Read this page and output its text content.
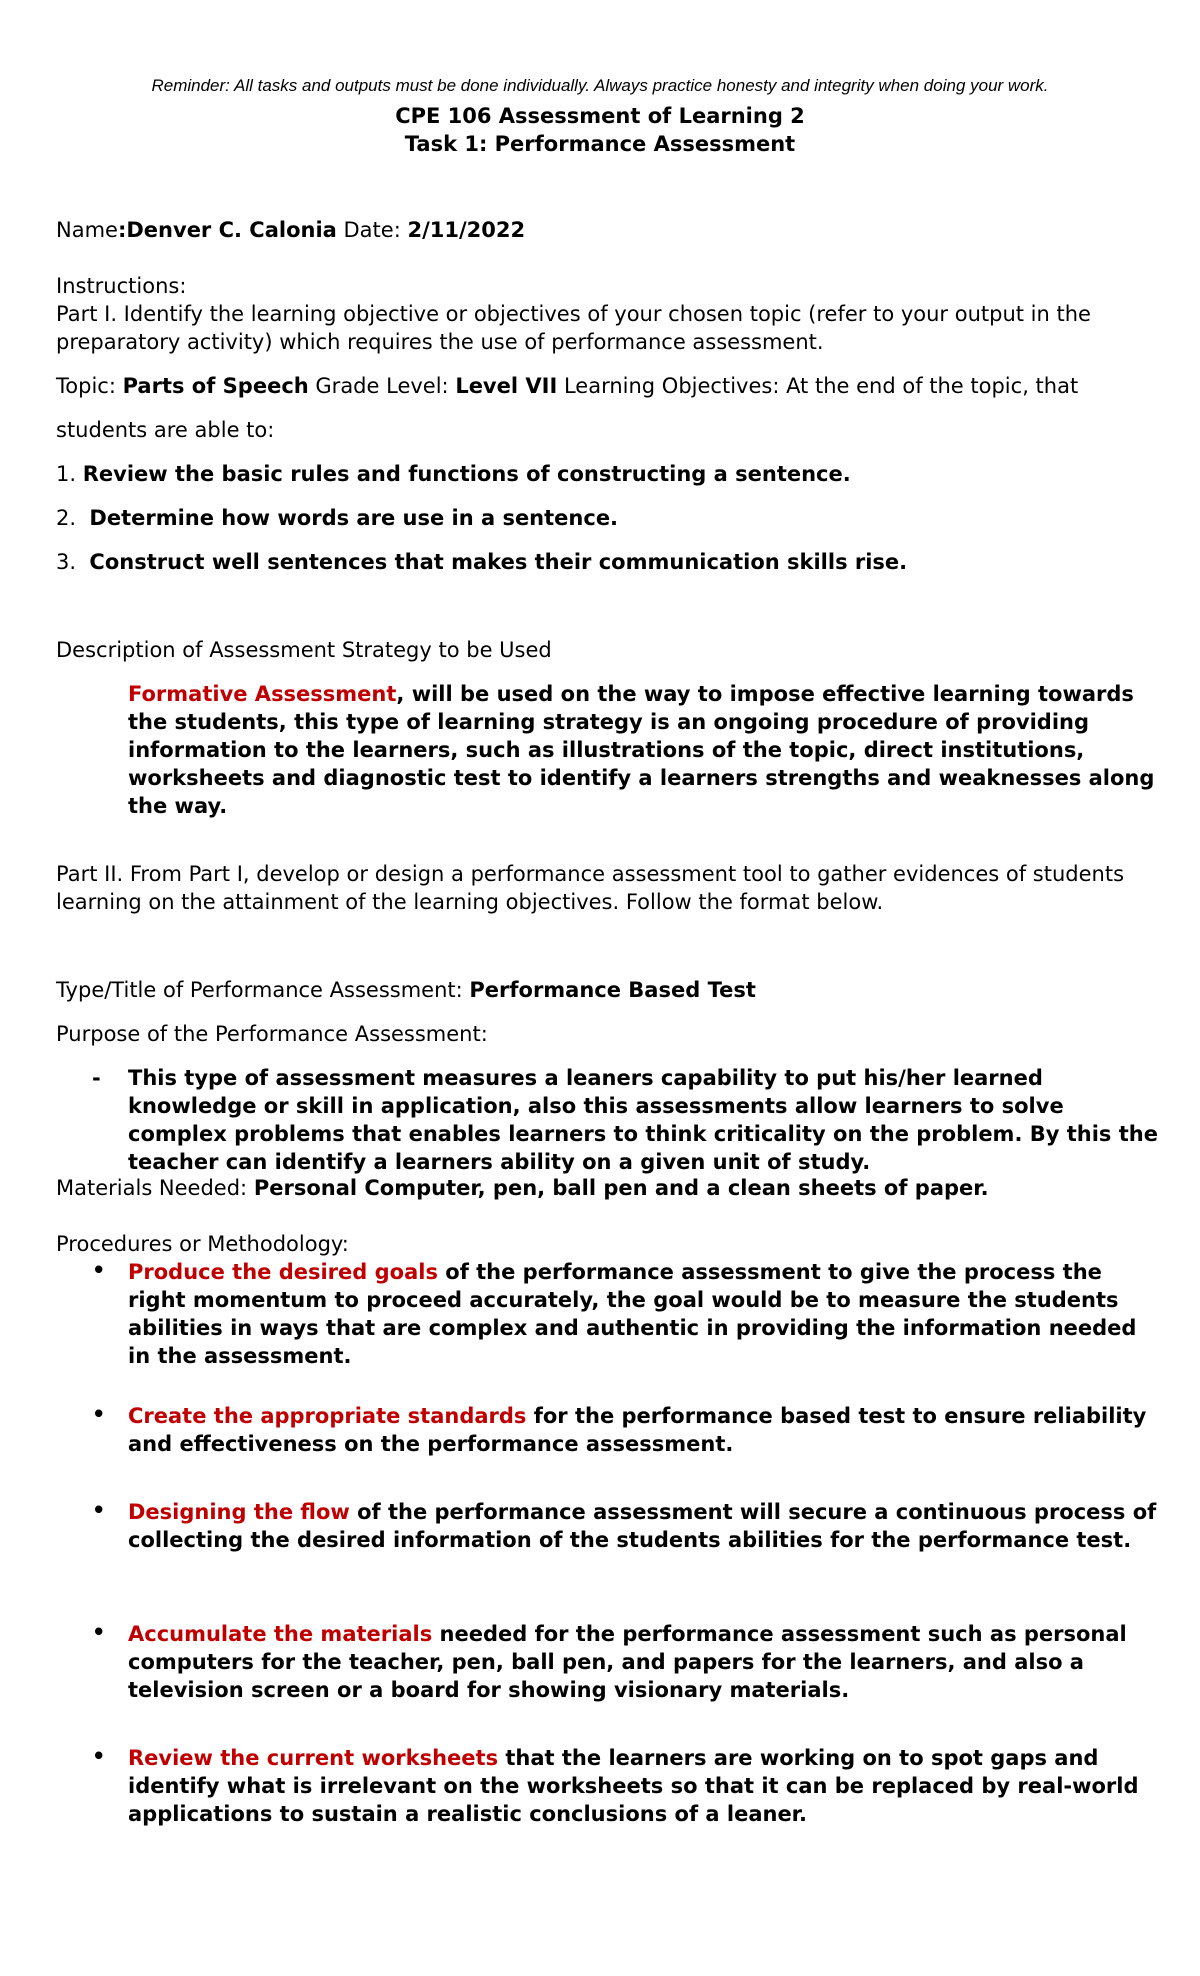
Reminder: All tasks and outputs must be done individually. Always practice honesty and integrity when doing your work.
CPE 106 Assessment of Learning 2
Task 1: Performance Assessment
Name:Denver C. Calonia Date: 2/11/2022
Instructions:
Part I. Identify the learning objective or objectives of your chosen topic (refer to your output in the preparatory activity) which requires the use of performance assessment.
Topic: Parts of Speech Grade Level: Level VII Learning Objectives: At the end of the topic, that
students are able to:
1. Review the basic rules and functions of constructing a sentence.
2. Determine how words are use in a sentence.
3. Construct well sentences that makes their communication skills rise.
Description of Assessment Strategy to be Used
Formative Assessment, will be used on the way to impose effective learning towards the students, this type of learning strategy is an ongoing procedure of providing information to the learners, such as illustrations of the topic, direct institutions, worksheets and diagnostic test to identify a learners strengths and weaknesses along the way.
Part II. From Part I, develop or design a performance assessment tool to gather evidences of students learning on the attainment of the learning objectives. Follow the format below.
Type/Title of Performance Assessment: Performance Based Test
Purpose of the Performance Assessment:
- This type of assessment measures a leaners capability to put his/her learned knowledge or skill in application, also this assessments allow learners to solve complex problems that enables learners to think criticality on the problem. By this the teacher can identify a learners ability on a given unit of study.
Materials Needed: Personal Computer, pen, ball pen and a clean sheets of paper.
Procedures or Methodology:
• Produce the desired goals of the performance assessment to give the process the right momentum to proceed accurately, the goal would be to measure the students abilities in ways that are complex and authentic in providing the information needed in the assessment.
• Create the appropriate standards for the performance based test to ensure reliability and effectiveness on the performance assessment.
• Designing the flow of the performance assessment will secure a continuous process of collecting the desired information of the students abilities for the performance test.
• Accumulate the materials needed for the performance assessment such as personal computers for the teacher, pen, ball pen, and papers for the learners, and also a television screen or a board for showing visionary materials.
• Review the current worksheets that the learners are working on to spot gaps and identify what is irrelevant on the worksheets so that it can be replaced by real-world applications to sustain a realistic conclusions of a leaner.
